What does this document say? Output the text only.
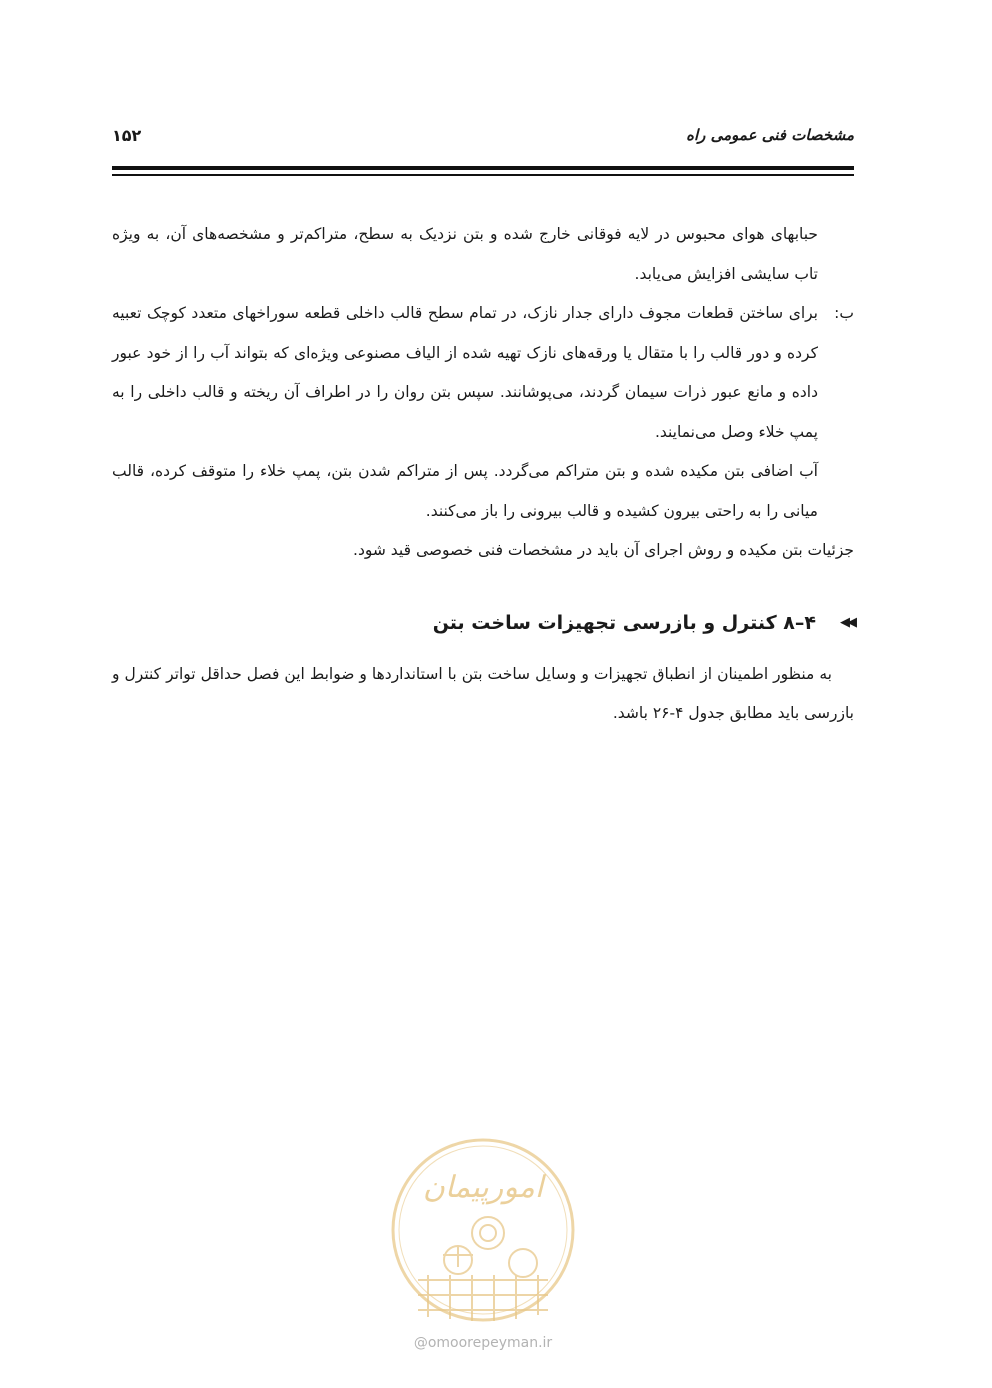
مشخصات فنی عمومی راه
۱۵۲

حبابهای هوای محبوس در لایه فوقانی خارج شده و بتن نزدیک به سطح، متراکم‌تر و مشخصه‌های آن، به ویژه تاب سایشی افزایش می‌یابد.

ب:
برای ساختن قطعات مجوف دارای جدار نازک، در تمام سطح قالب داخلی قطعه سوراخهای متعدد کوچک تعبیه کرده و دور قالب را با متقال یا ورقه‌های نازک تهیه شده از الیاف مصنوعی ویژه‌ای که بتواند آب را از خود عبور داده و مانع عبور ذرات سیمان گردند، می‌پوشانند. سپس بتن روان را در اطراف آن ریخته و قالب داخلی را به پمپ خلاء وصل می‌نمایند.

آب اضافی بتن مکیده شده و بتن متراکم می‌گردد. پس از متراکم شدن بتن، پمپ خلاء را متوقف کرده، قالب میانی را به راحتی بیرون کشیده و قالب بیرونی را باز می‌کنند.

جزئیات بتن مکیده و روش اجرای آن باید در مشخصات فنی خصوصی قید شود.

◀◀
۴–۸ کنترل و بازرسی تجهیزات ساخت بتن

به منظور اطمینان از انطباق تجهیزات و وسایل ساخت بتن با استانداردها و ضوابط این فصل حداقل تواتر کنترل و بازرسی باید مطابق جدول ۴-۲۶ باشد.

امورپیمان
@omoorepeyman.ir
